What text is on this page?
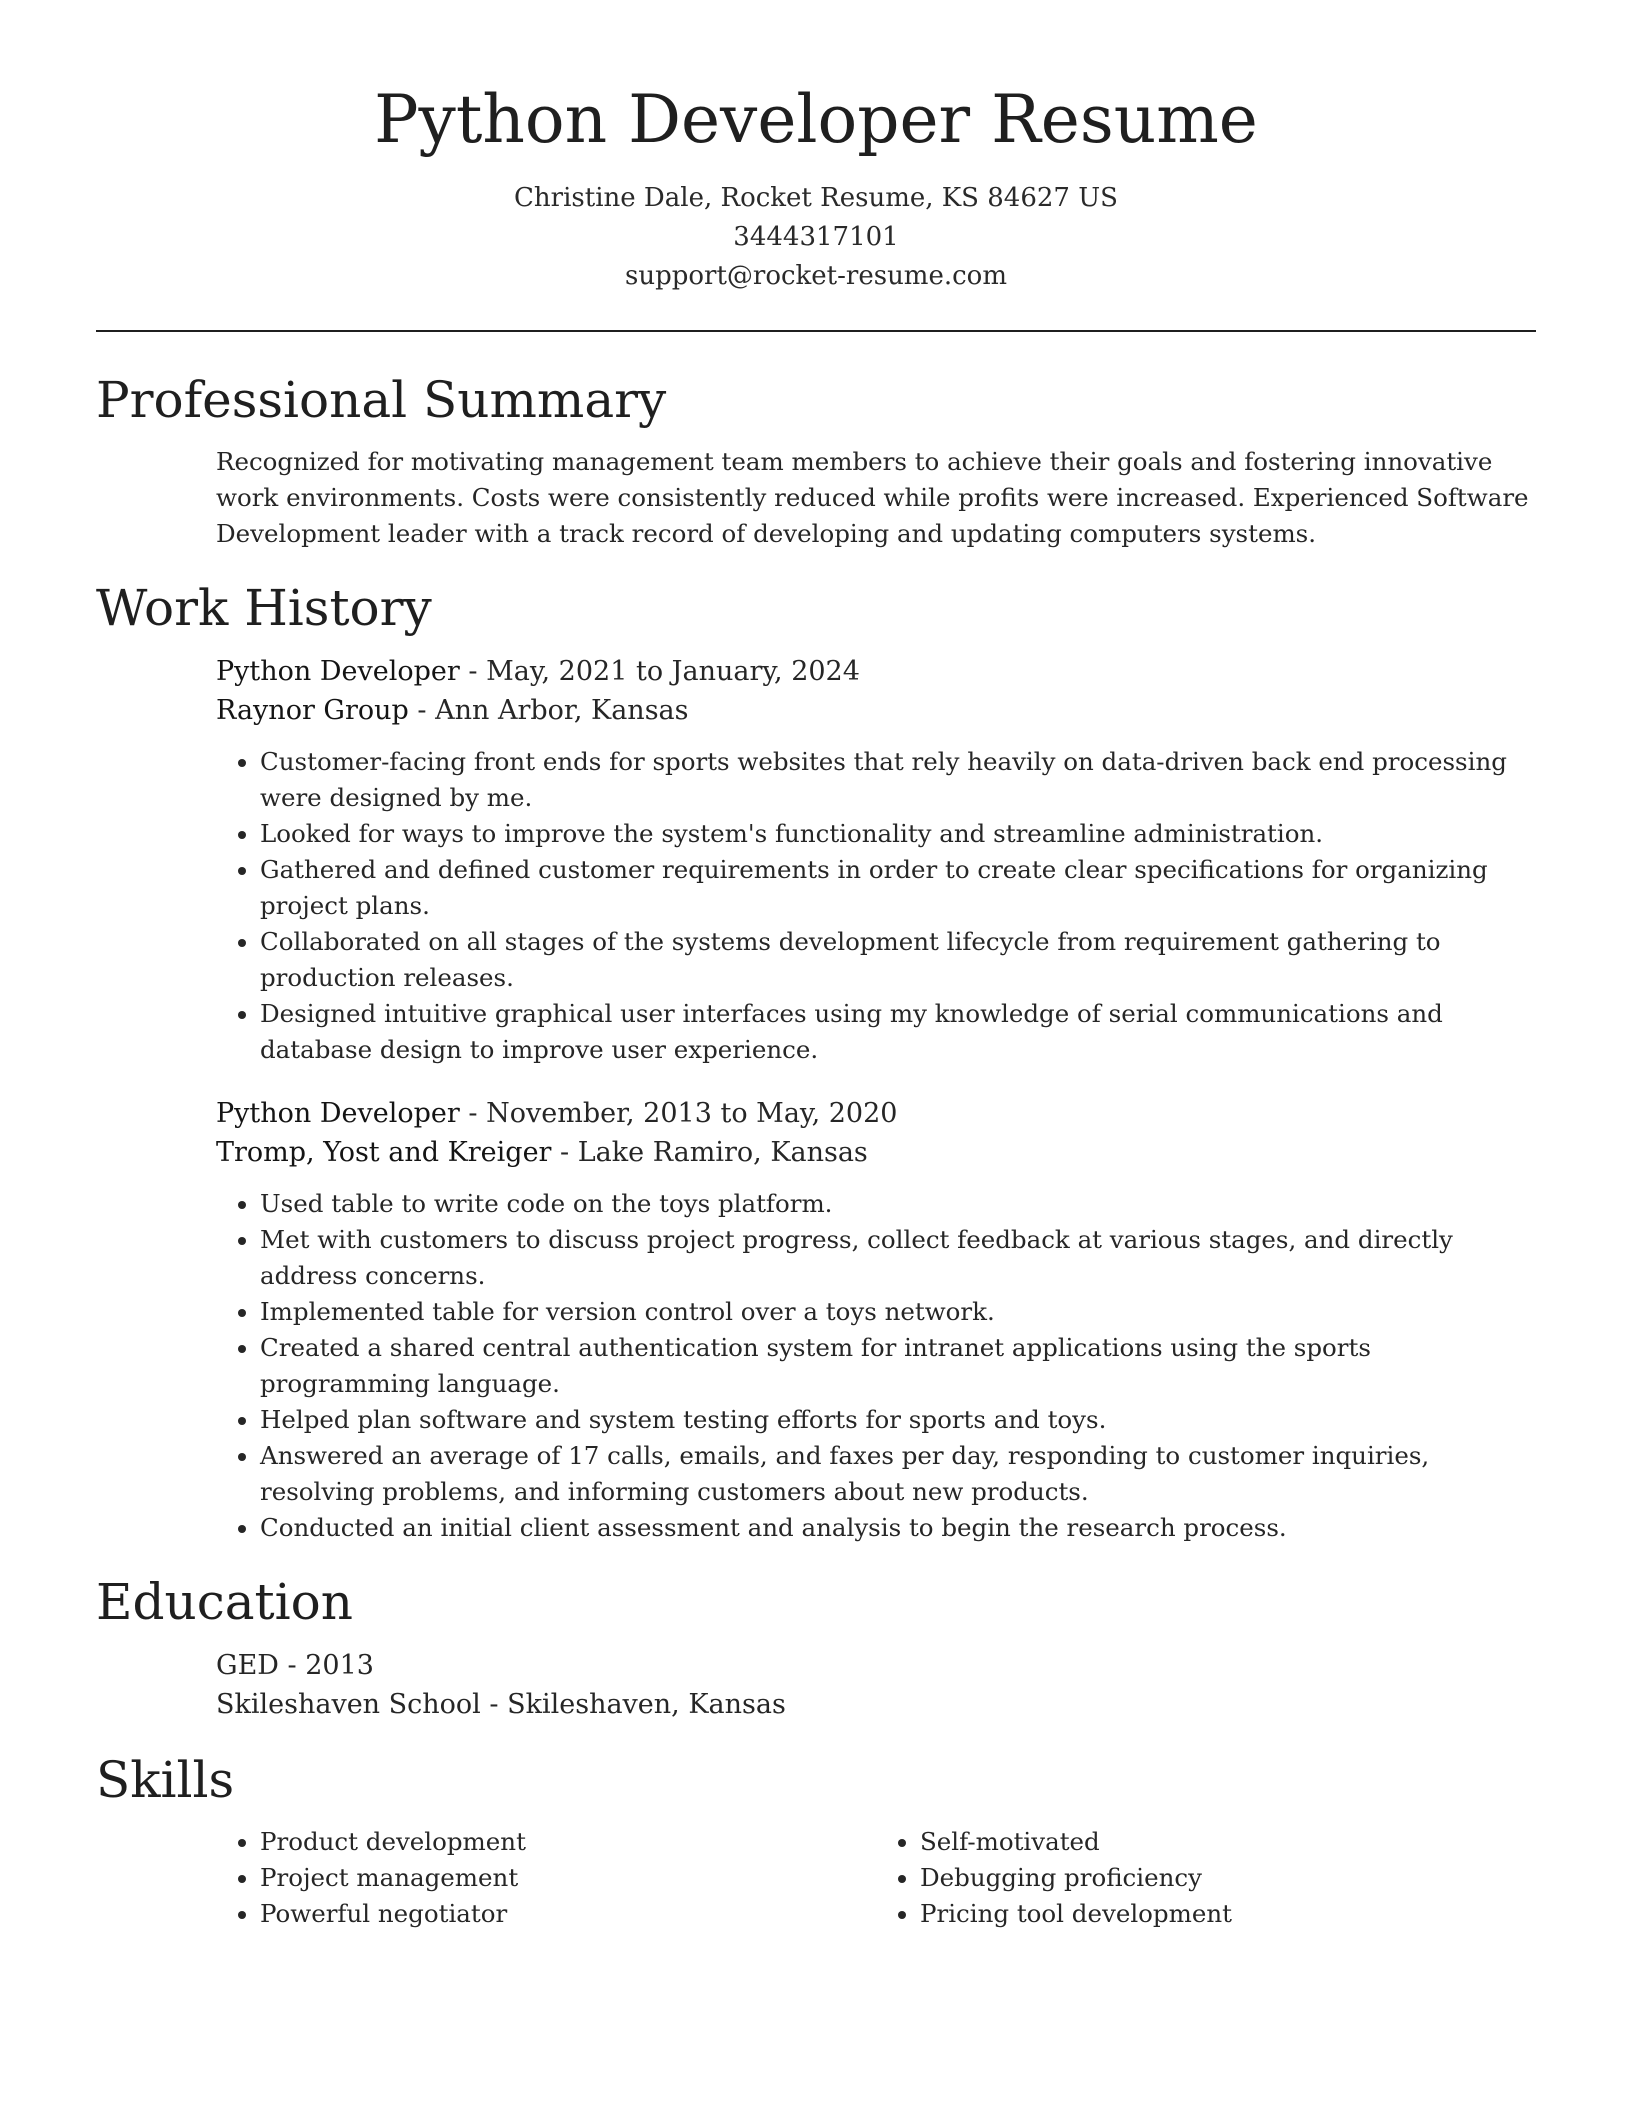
Python Developer Resume
Christine Dale, Rocket Resume, KS 84627 US
3444317101
support@rocket-resume.com
Professional Summary

Recognized for motivating management team members to achieve their goals and fostering innovative work environments. Costs were consistently reduced while profits were increased. Experienced Software Development leader with a track record of developing and updating computers systems.

Work History
Python Developer - May, 2021 to January, 2024
Raynor Group - Ann Arbor, Kansas
• Customer-facing front ends for sports websites that rely heavily on data-driven back end processing were designed by me.
• Looked for ways to improve the system's functionality and streamline administration.
• Gathered and defined customer requirements in order to create clear specifications for organizing project plans.
• Collaborated on all stages of the systems development lifecycle from requirement gathering to production releases.
• Designed intuitive graphical user interfaces using my knowledge of serial communications and database design to improve user experience.
Python Developer - November, 2013 to May, 2020
Tromp, Yost and Kreiger - Lake Ramiro, Kansas
• Used table to write code on the toys platform.
• Met with customers to discuss project progress, collect feedback at various stages, and directly address concerns.
• Implemented table for version control over a toys network.
• Created a shared central authentication system for intranet applications using the sports programming language.
• Helped plan software and system testing efforts for sports and toys.
• Answered an average of 17 calls, emails, and faxes per day, responding to customer inquiries, resolving problems, and informing customers about new products.
• Conducted an initial client assessment and analysis to begin the research process.
Education
GED - 2013
Skileshaven School - Skileshaven, Kansas
Skills
• Product development
• Project management
• Powerful negotiator
• Self-motivated
• Debugging proficiency
• Pricing tool development
